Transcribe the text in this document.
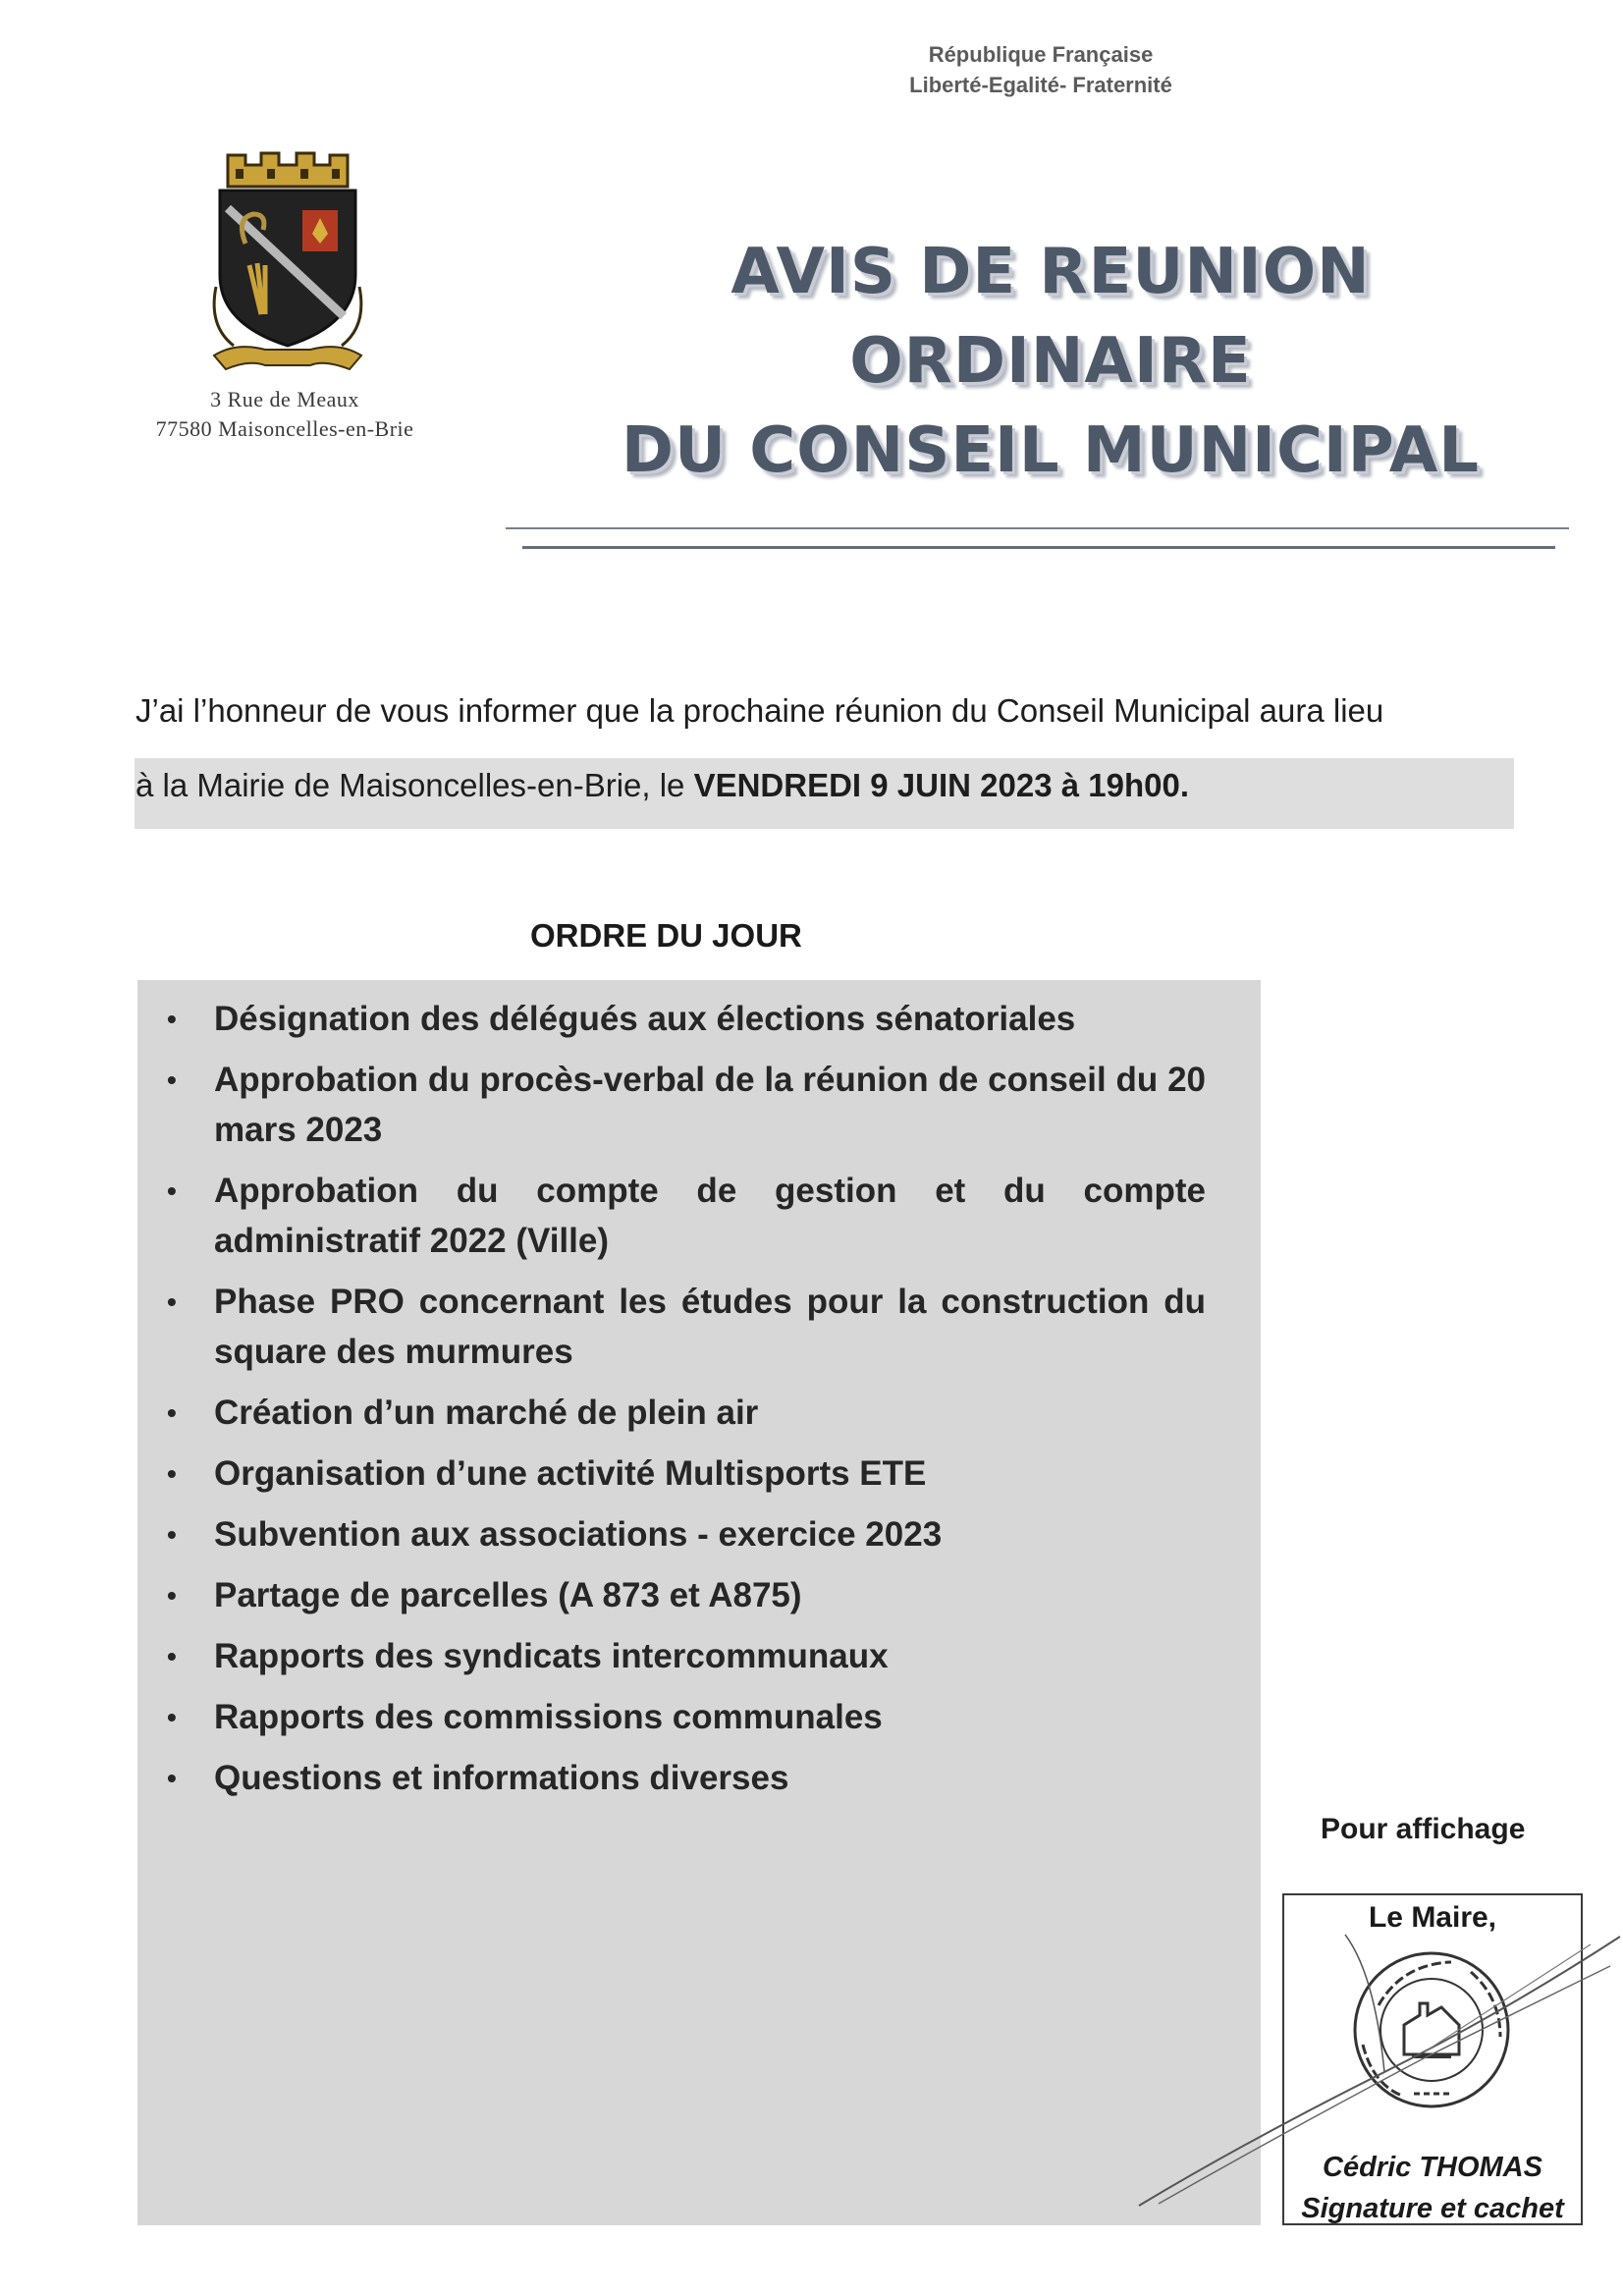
République Française
Liberté-Egalité- Fraternité
3 Rue de Meaux
77580 Maisoncelles-en-Brie
AVIS DE REUNION
ORDINAIRE
DU CONSEIL MUNICIPAL
J’ai l’honneur de vous informer que la prochaine réunion du Conseil Municipal aura lieu
à la Mairie de Maisoncelles-en-Brie, le VENDREDI 9 JUIN 2023 à 19h00.
ORDRE DU JOUR
• Désignation des délégués aux élections sénatoriales
• Approbation du procès-verbal de la réunion de conseil du 20 mars 2023
• Approbation du compte de gestion et du compte administratif 2022 (Ville)
• Phase PRO concernant les études pour la construction du square des murmures
• Création d’un marché de plein air
• Organisation d’une activité Multisports ETE
• Subvention aux associations - exercice 2023
• Partage de parcelles (A 873 et A875)
• Rapports des syndicats intercommunaux
• Rapports des commissions communales
• Questions et informations diverses
Pour affichage
Le Maire,
Cédric THOMAS
Signature et cachet
